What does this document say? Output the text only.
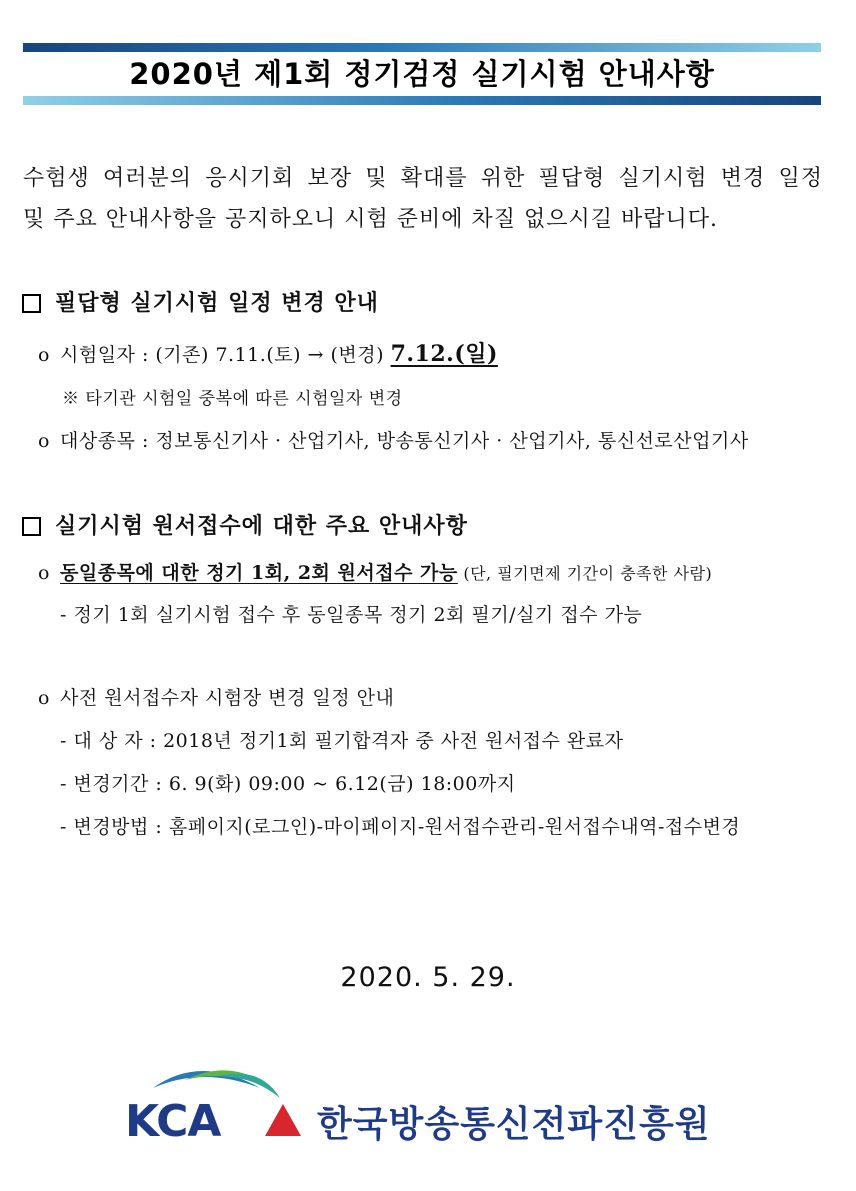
2020년 제1회 정기검정 실기시험 안내사항

수험생 여러분의 응시기회 보장 및 확대를 위한 필답형 실기시험 변경 일정

및 주요 안내사항을 공지하오니 시험 준비에 차질 없으시길 바랍니다.

필답형 실기시험 일정 변경 안내
o 시험일자 : (기존) 7.11.(토) → (변경) 7.12.(일)
※ 타기관 시험일 중복에 따른 시험일자 변경
o 대상종목 : 정보통신기사 · 산업기사, 방송통신기사 · 산업기사, 통신선로산업기사
실기시험 원서접수에 대한 주요 안내사항
o 동일종목에 대한 정기 1회, 2회 원서접수 가능 (단, 필기면제 기간이 충족한 사람)
- 정기 1회 실기시험 접수 후 동일종목 정기 2회 필기/실기 접수 가능
o 사전 원서접수자 시험장 변경 일정 안내
- 대 상 자 : 2018년 정기1회 필기합격자 중 사전 원서접수 완료자
- 변경기간 : 6. 9(화) 09:00 ~ 6.12(금) 18:00까지
- 변경방법 : 홈페이지(로그인)-마이페이지-원서접수관리-원서접수내역-접수변경
2020. 5. 29.
KCA	한국방송통신전파진흥원
